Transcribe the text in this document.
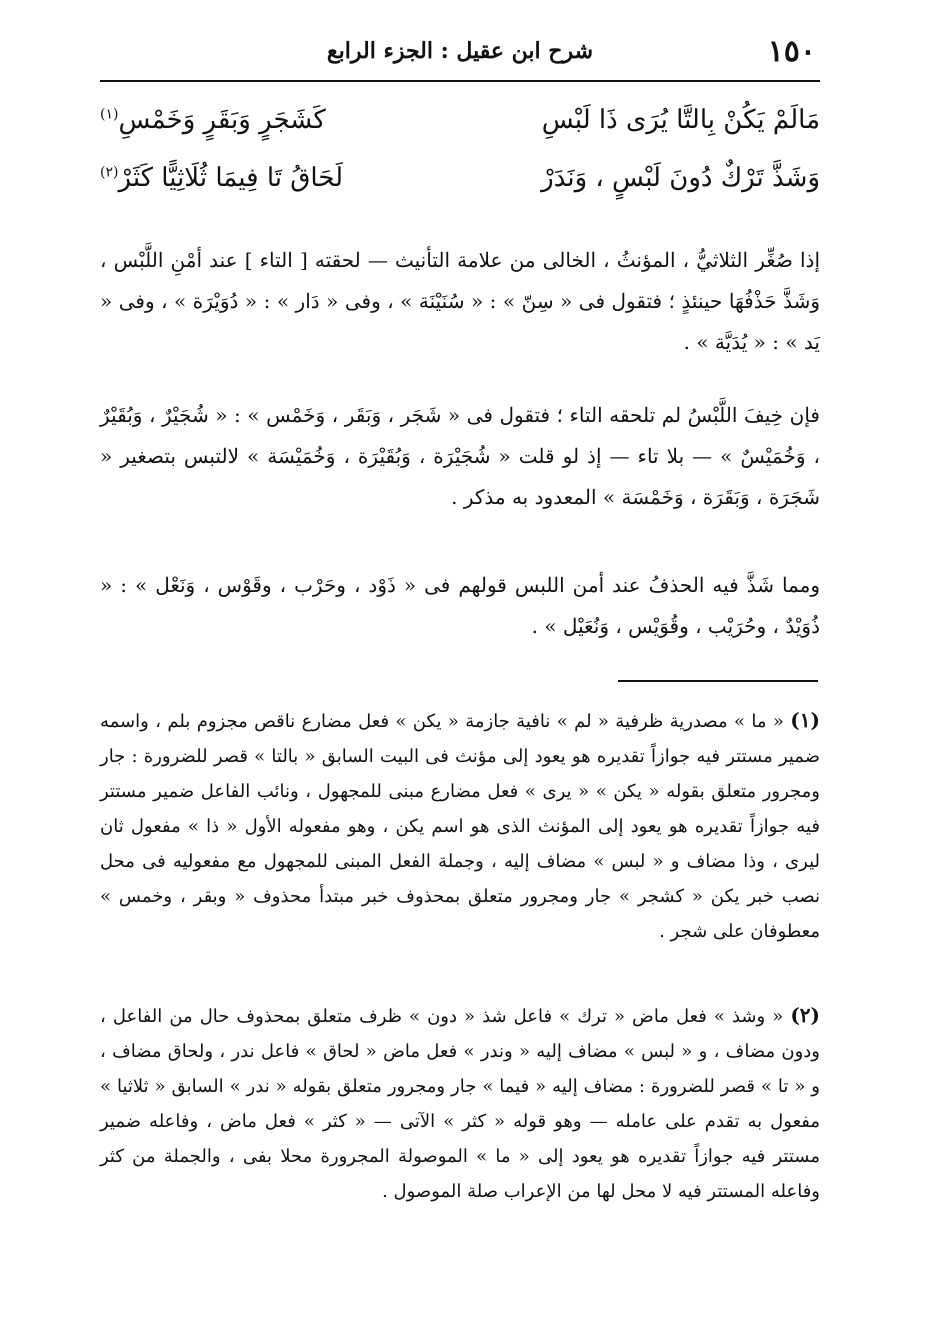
١٥٠
شرح ابن عقيل : الجزء الرابع
مَالَمْ يَكُنْ بِالتَّا يُرَى ذَا لَبْسِ
كَشَجَرٍ وَبَقَرٍ وَخَمْسِ$^{(١)}$
وَشَذَّ تَرْكٌ دُونَ لَبْسٍ ، وَنَدَرْ
لَحَاقُ تَا فِيمَا ثُلَاثِيًّا كَثَرْ$^{(٢)}$

إذا صُغِّر الثلاثيُّ ، المؤنثُ ، الخالى من علامة التأنيث — لحقته [ التاء ] عند أمْنِ اللَّبْس ، وَشَذَّ حَذْفُهَا حينئذٍ ؛ فتقول فى « سِنّ » : « سُنَيْنَة » ، وفى « دَار » : « دُوَيْرَة » ، وفى « يَد » : « يُدَيَّة » .

فإن خِيفَ اللَّبْسُ لم تلحقه التاء ؛ فتقول فى « شَجَر ، وَبَقَر ، وَخَمْس » : « شُجَيْرٌ ، وَبُقَيْرٌ ، وَخُمَيْسٌ » — بلا تاء — إذ لو قلت « شُجَيْرَة ، وَبُقَيْرَة ، وَخُمَيْسَة » لالتبس بتصغير « شَجَرَة ، وَبَقَرَة ، وَخَمْسَة » المعدود به مذكر .

ومما شَذَّ فيه الحذفُ عند أمن اللبس قولهم فى « ذَوْد ، وحَرْب ، وقَوْس ، وَنَعْل » : « ذُوَيْدٌ ، وحُرَيْب ، وقُوَيْس ، وَنُعَيْل » .

(١) « ما » مصدرية ظرفية « لم » نافية جازمة « يكن » فعل مضارع ناقص مجزوم بلم ، واسمه ضمير مستتر فيه جوازاً تقديره هو يعود إلى مؤنث فى البيت السابق « بالتا » قصر للضرورة : جار ومجرور متعلق بقوله « يكن » « يرى » فعل مضارع مبنى للمجهول ، ونائب الفاعل ضمير مستتر فيه جوازاً تقديره هو يعود إلى المؤنث الذى هو اسم يكن ، وهو مفعوله الأول « ذا » مفعول ثان ليرى ، وذا مضاف و « لبس » مضاف إليه ، وجملة الفعل المبنى للمجهول مع مفعوليه فى محل نصب خبر يكن « كشجر » جار ومجرور متعلق بمحذوف خبر مبتدأ محذوف « وبقر ، وخمس » معطوفان على شجر .

(٢) « وشذ » فعل ماض « ترك » فاعل شذ « دون » ظرف متعلق بمحذوف حال من الفاعل ، ودون مضاف ، و « لبس » مضاف إليه « وندر » فعل ماض « لحاق » فاعل ندر ، ولحاق مضاف ، و « تا » قصر للضرورة : مضاف إليه « فيما » جار ومجرور متعلق بقوله « ندر » السابق « ثلاثيا » مفعول به تقدم على عامله — وهو قوله « كثر » الآتى — « كثر » فعل ماض ، وفاعله ضمير مستتر فيه جوازاً تقديره هو يعود إلى « ما » الموصولة المجرورة محلا بفى ، والجملة من كثر وفاعله المستتر فيه لا محل لها من الإعراب صلة الموصول .
